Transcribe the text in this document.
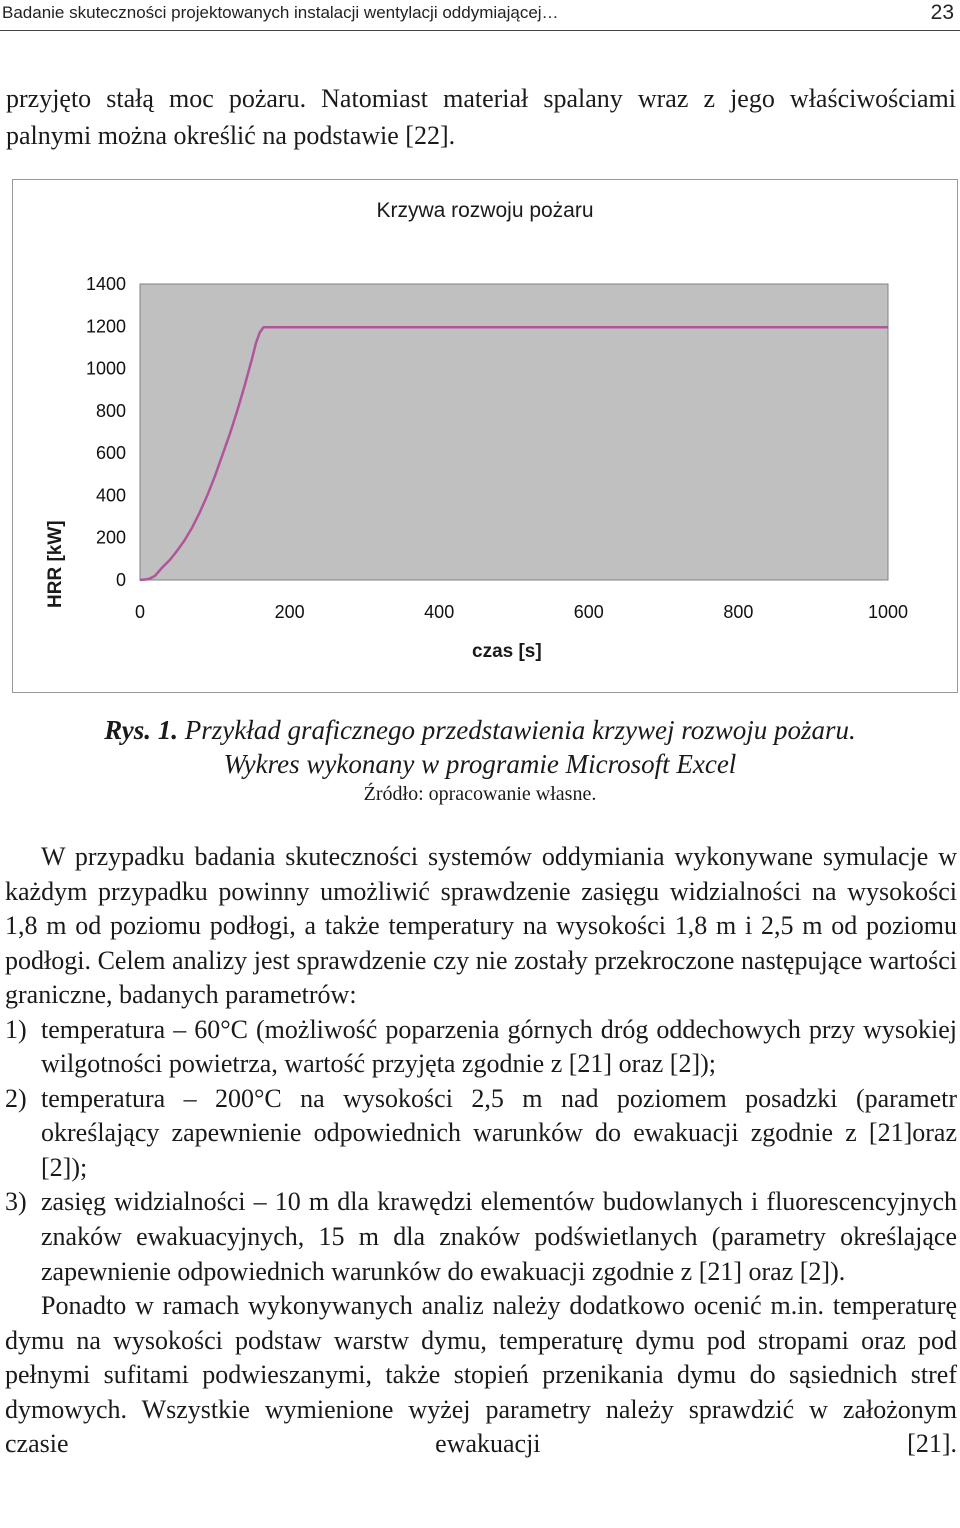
Badanie skuteczności projektowanych instalacji wentylacji oddymiającej…	23

przyjęto stałą moc pożaru. Natomiast materiał spalany wraz z jego właściwościami palnymi można określić na podstawie [22].

Krzywa rozwoju pożaru
HRR [kW]	0
200
400
600
800
1000
1200
1400
0	200	400	600	800	1000
czas [s]
Rys. 1. Przykład graficznego przedstawienia krzywej rozwoju pożaru.
Wykres wykonany w programie Microsoft Excel
Źródło: opracowanie własne.

W przypadku badania skuteczności systemów oddymiania wykonywane symulacje w każdym przypadku powinny umożliwić sprawdzenie zasięgu widzialności na wysokości 1,8 m od poziomu podłogi, a także temperatury na wysokości 1,8 m i 2,5 m od poziomu podłogi. Celem analizy jest sprawdzenie czy nie zostały przekroczone następujące wartości graniczne, badanych parametrów:

1) temperatura – 60°C (możliwość poparzenia górnych dróg oddechowych przy wysokiej wilgotności powietrza, wartość przyjęta zgodnie z [21] oraz [2]);
2) temperatura – 200°C na wysokości 2,5 m nad poziomem posadzki (parametr określający zapewnienie odpowiednich warunków do ewakuacji zgodnie z [21]oraz [2]);
3) zasięg widzialności – 10 m dla krawędzi elementów budowlanych i fluorescencyjnych znaków ewakuacyjnych, 15 m dla znaków podświetlanych (parametry określające zapewnienie odpowiednich warunków do ewakuacji zgodnie z [21] oraz [2]).

Ponadto w ramach wykonywanych analiz należy dodatkowo ocenić m.in. temperaturę dymu na wysokości podstaw warstw dymu, temperaturę dymu pod stropami oraz pod pełnymi sufitami podwieszanymi, także stopień przenikania dymu do sąsiednich stref dymowych. Wszystkie wymienione wyżej parametry należy sprawdzić w założonym czasie ewakuacji [21].
